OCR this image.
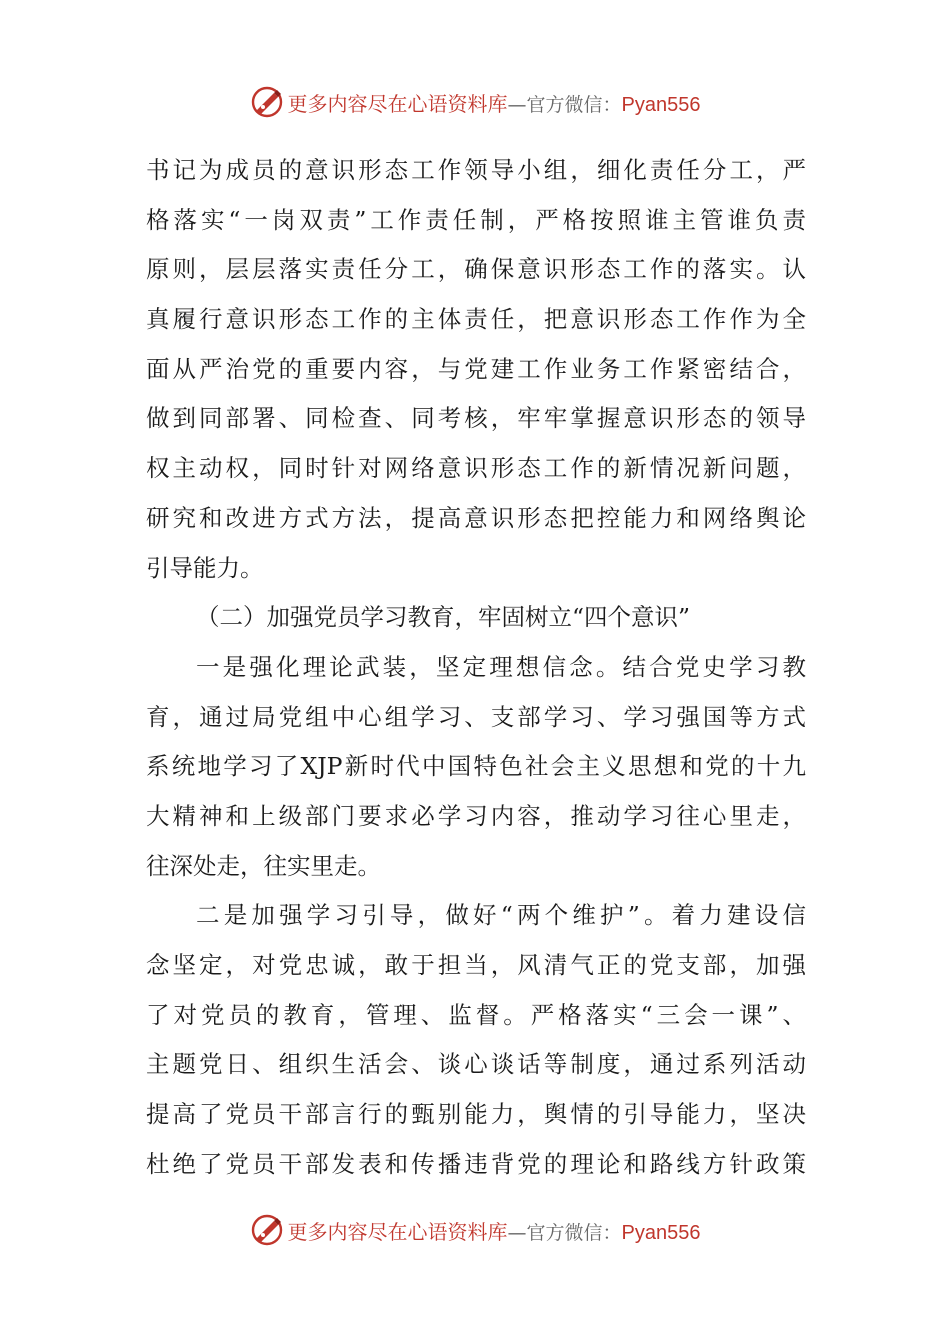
更多内容尽在心语资料库 — 官方微信： Pyan556
书记为成员的意识形态工作领导小组，细化责任分工，严
格落实“一岗双责”工作责任制，严格按照谁主管谁负责
原则，层层落实责任分工，确保意识形态工作的落实。认
真履行意识形态工作的主体责任，把意识形态工作作为全
面从严治党的重要内容，与党建工作业务工作紧密结合，
做到同部署、同检查、同考核，牢牢掌握意识形态的领导
权主动权，同时针对网络意识形态工作的新情况新问题，
研究和改进方式方法，提高意识形态把控能力和网络舆论
引导能力。
（二）加强党员学习教育，牢固树立“四个意识”
一是强化理论武装，坚定理想信念。结合党史学习教
育，通过局党组中心组学习、支部学习、学习强国等方式
系统地学习了XJP新时代中国特色社会主义思想和党的十九
大精神和上级部门要求必学习内容，推动学习往心里走，
往深处走，往实里走。
二是加强学习引导，做好“两个维护”。着力建设信
念坚定，对党忠诚，敢于担当，风清气正的党支部，加强
了对党员的教育，管理、监督。严格落实“三会一课”、
主题党日、组织生活会、谈心谈话等制度，通过系列活动
提高了党员干部言行的甄别能力，舆情的引导能力，坚决
杜绝了党员干部发表和传播违背党的理论和路线方针政策
更多内容尽在心语资料库 — 官方微信： Pyan556
